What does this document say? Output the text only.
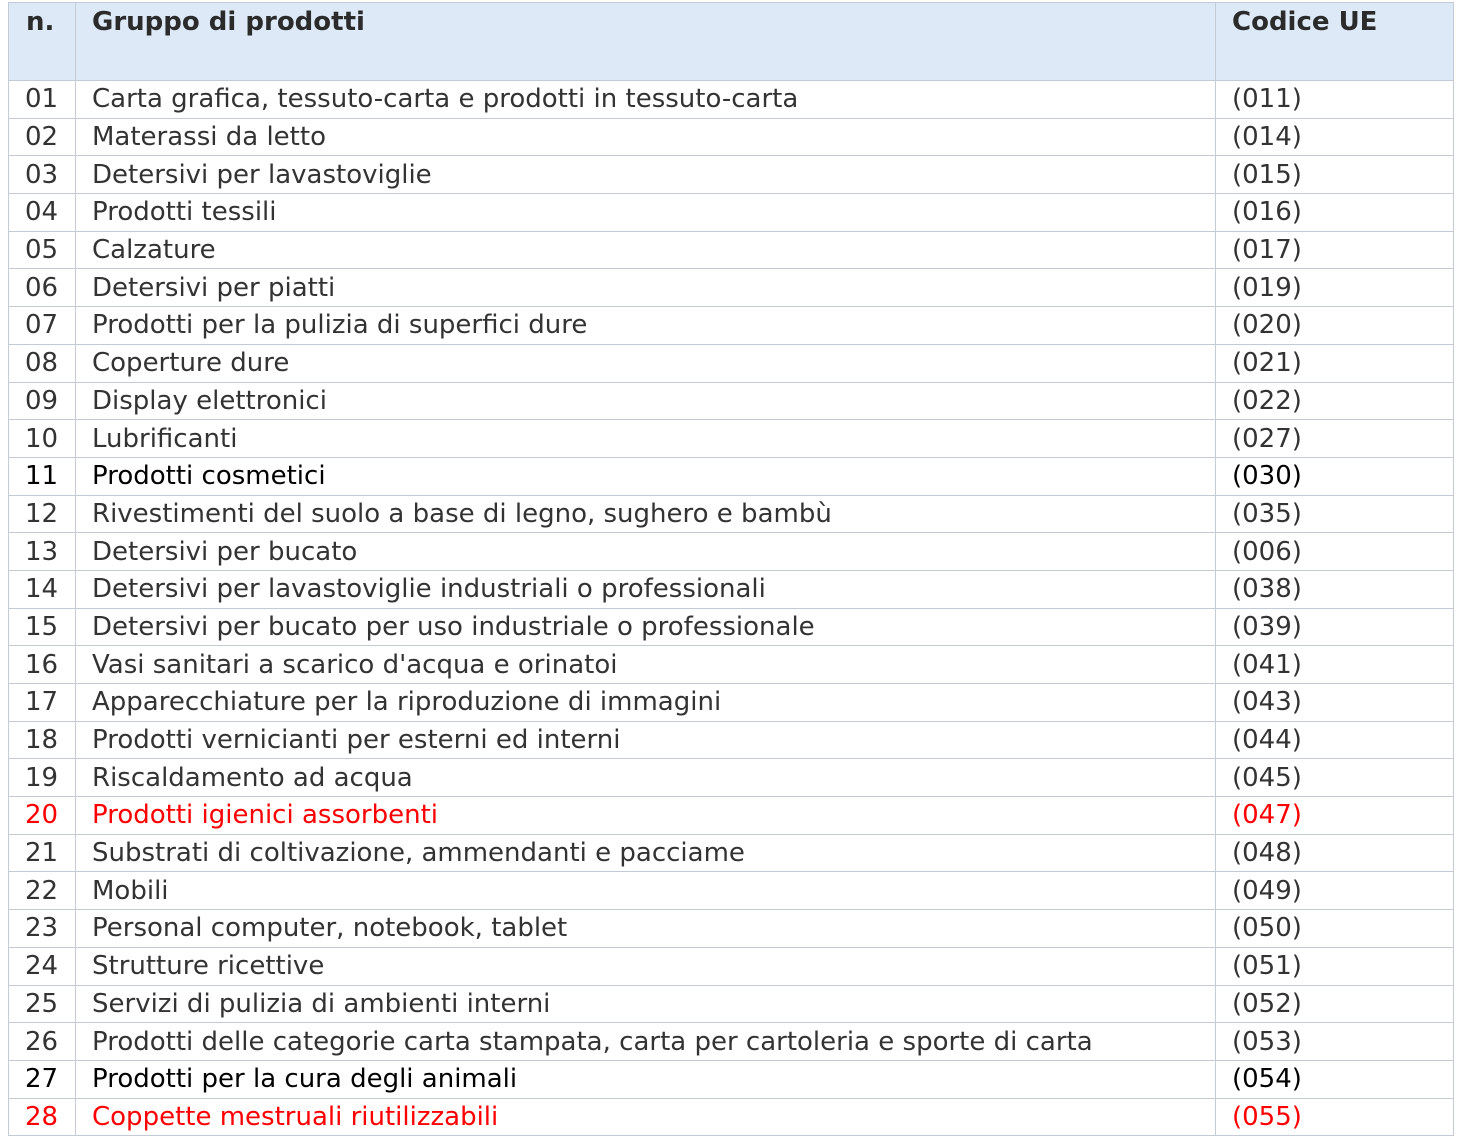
n.	Gruppo di prodotti	Codice UE
01	Carta grafica, tessuto-carta e prodotti in tessuto-carta	(011)
02	Materassi da letto	(014)
03	Detersivi per lavastoviglie	(015)
04	Prodotti tessili	(016)
05	Calzature	(017)
06	Detersivi per piatti	(019)
07	Prodotti per la pulizia di superfici dure	(020)
08	Coperture dure	(021)
09	Display elettronici	(022)
10	Lubrificanti	(027)
11	Prodotti cosmetici	(030)
12	Rivestimenti del suolo a base di legno, sughero e bambù	(035)
13	Detersivi per bucato	(006)
14	Detersivi per lavastoviglie industriali o professionali	(038)
15	Detersivi per bucato per uso industriale o professionale	(039)
16	Vasi sanitari a scarico d'acqua e orinatoi	(041)
17	Apparecchiature per la riproduzione di immagini	(043)
18	Prodotti vernicianti per esterni ed interni	(044)
19	Riscaldamento ad acqua	(045)
20	Prodotti igienici assorbenti	(047)
21	Substrati di coltivazione, ammendanti e pacciame	(048)
22	Mobili	(049)
23	Personal computer, notebook, tablet	(050)
24	Strutture ricettive	(051)
25	Servizi di pulizia di ambienti interni	(052)
26	Prodotti delle categorie carta stampata, carta per cartoleria e sporte di carta	(053)
27	Prodotti per la cura degli animali	(054)
28	Coppette mestruali riutilizzabili	(055)
